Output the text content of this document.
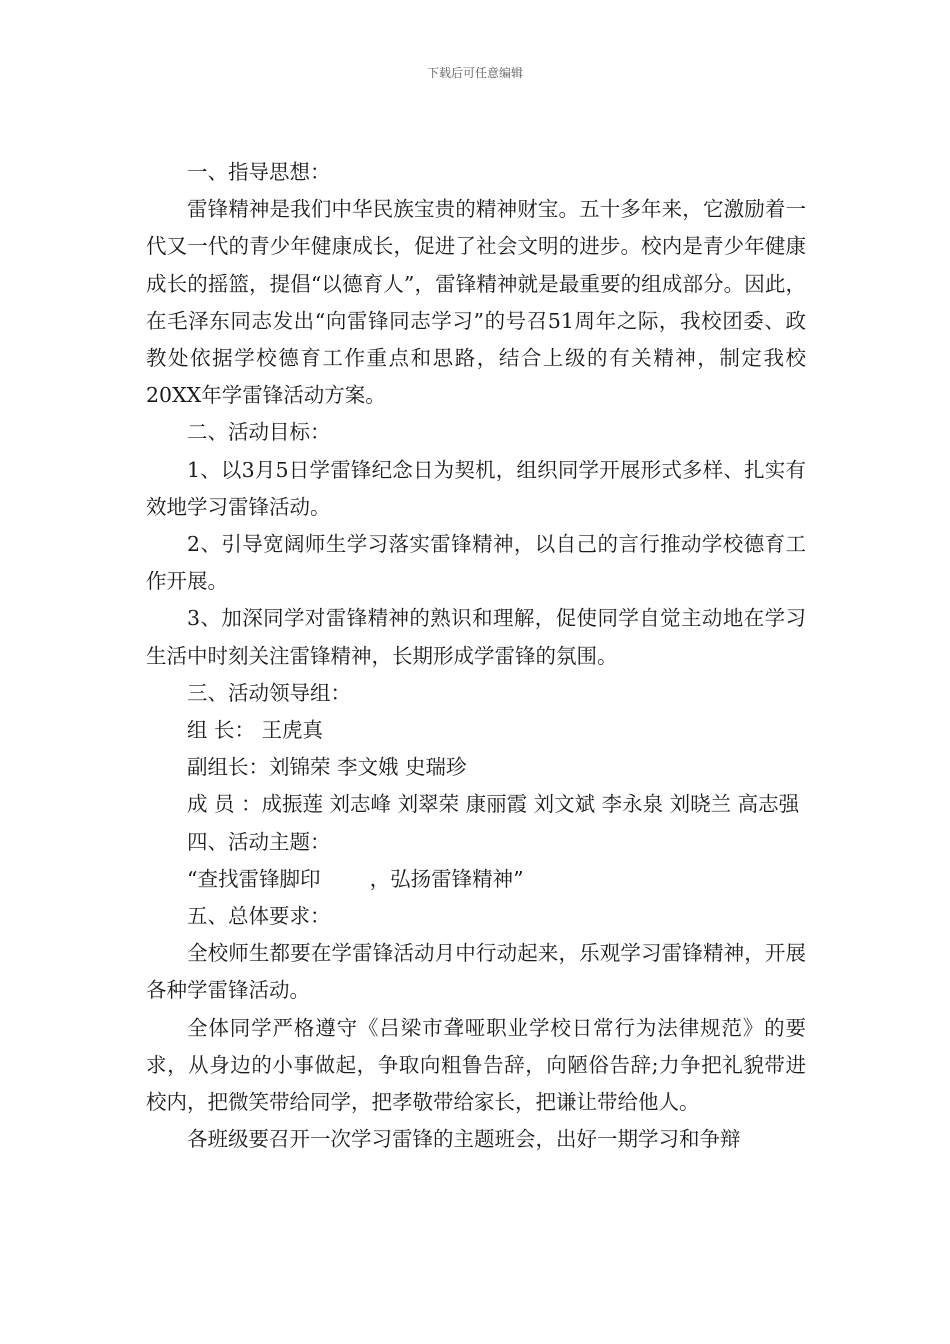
下载后可任意编辑

一、指导思想：

雷锋精神是我们中华民族宝贵的精神财宝。五十多年来，它激励着一代又一代的青少年健康成长，促进了社会文明的进步。校内是青少年健康成长的摇篮，提倡“以德育人”，雷锋精神就是最重要的组成部分。因此，在毛泽东同志发出“向雷锋同志学习”的号召51周年之际，我校团委、政教处依据学校德育工作重点和思路，结合上级的有关精神，制定我校20XX年学雷锋活动方案。

二、活动目标：

1、以3月5日学雷锋纪念日为契机，组织同学开展形式多样、扎实有效地学习雷锋活动。

2、引导宽阔师生学习落实雷锋精神，以自己的言行推动学校德育工作开展。

3、加深同学对雷锋精神的熟识和理解，促使同学自觉主动地在学习生活中时刻关注雷锋精神，长期形成学雷锋的氛围。

三、活动领导组：

组 长： 王虎真

副组长：刘锦荣 李文娥 史瑞珍

成 员 ：成振莲 刘志峰 刘翠荣 康丽霞 刘文斌 李永泉 刘晓兰 高志强

四、活动主题：

“查找雷锋脚印 ，弘扬雷锋精神”

五、总体要求：

全校师生都要在学雷锋活动月中行动起来，乐观学习雷锋精神，开展各种学雷锋活动。

全体同学严格遵守《吕梁市聋哑职业学校日常行为法律规范》的要求，从身边的小事做起，争取向粗鲁告辞，向陋俗告辞;力争把礼貌带进校内，把微笑带给同学，把孝敬带给家长，把谦让带给他人。

各班级要召开一次学习雷锋的主题班会，出好一期学习和争辩
